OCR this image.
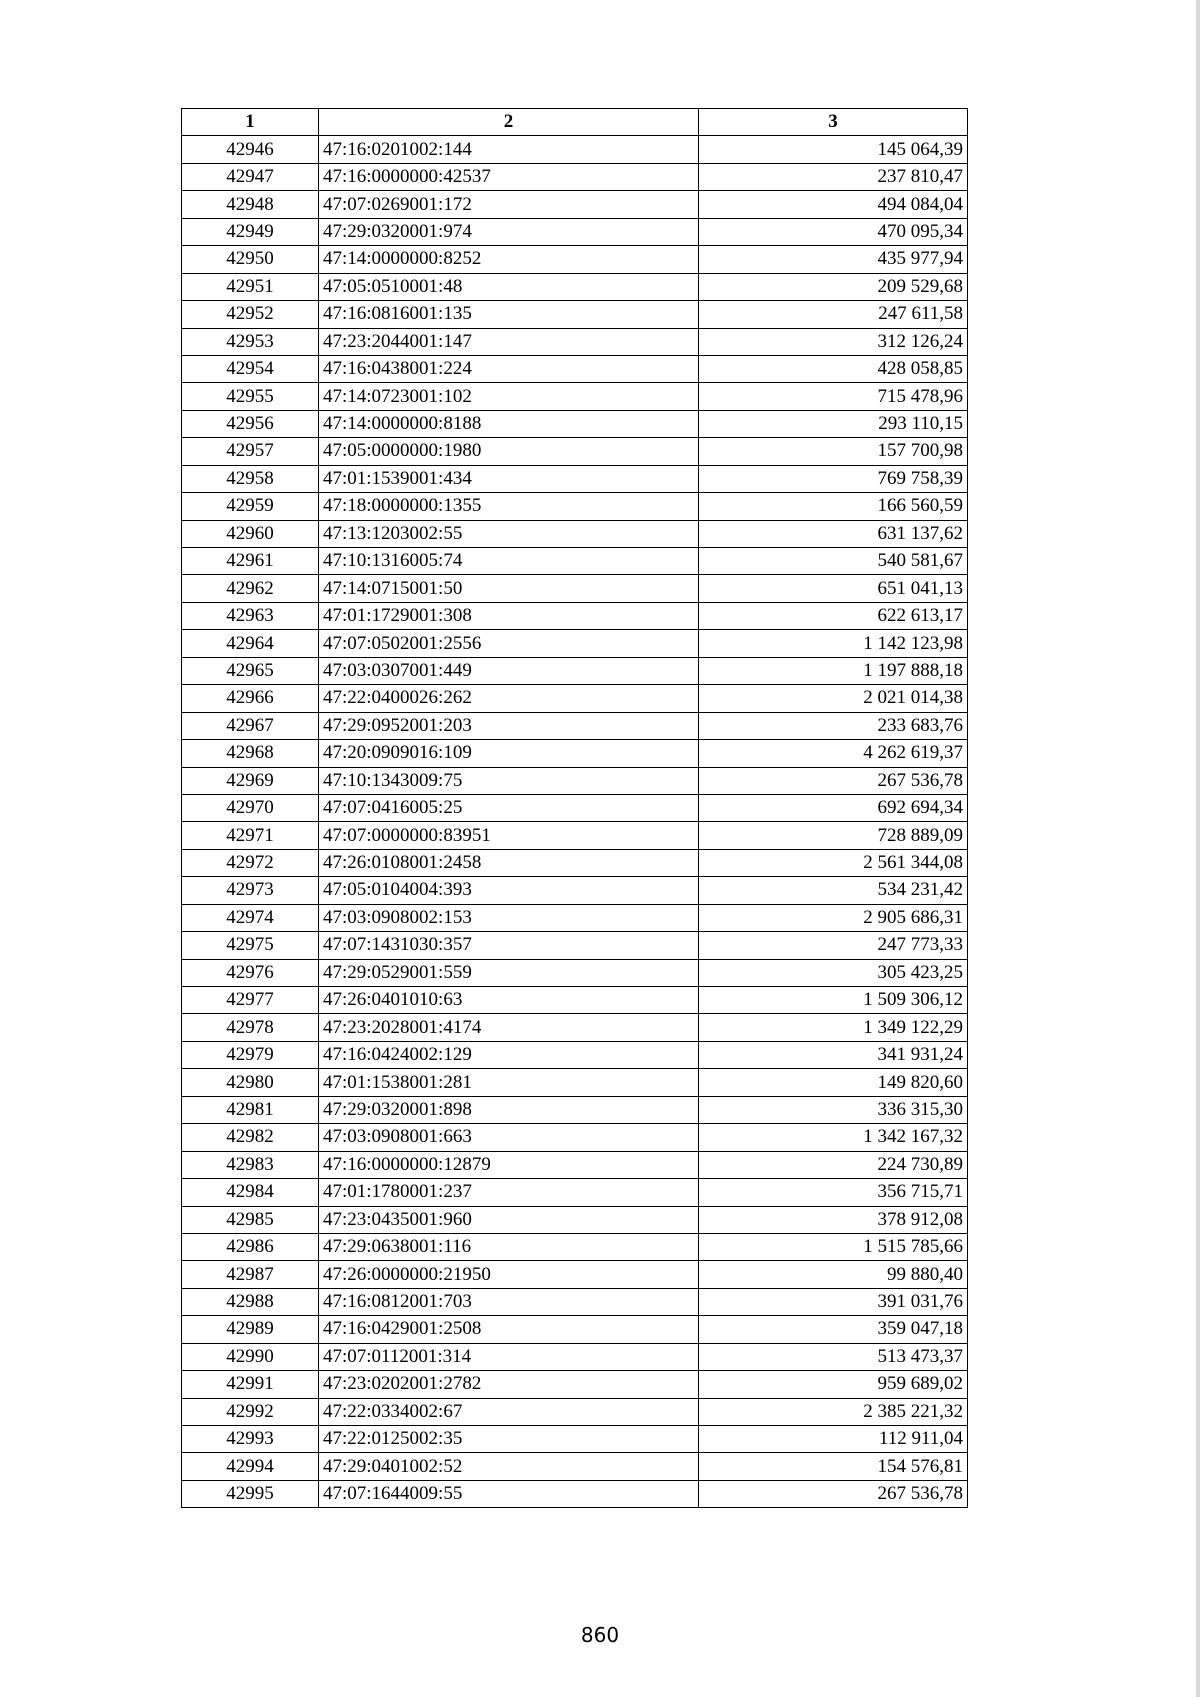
1	2	3
42946	47:16:0201002:144	145 064,39
42947	47:16:0000000:42537	237 810,47
42948	47:07:0269001:172	494 084,04
42949	47:29:0320001:974	470 095,34
42950	47:14:0000000:8252	435 977,94
42951	47:05:0510001:48	209 529,68
42952	47:16:0816001:135	247 611,58
42953	47:23:2044001:147	312 126,24
42954	47:16:0438001:224	428 058,85
42955	47:14:0723001:102	715 478,96
42956	47:14:0000000:8188	293 110,15
42957	47:05:0000000:1980	157 700,98
42958	47:01:1539001:434	769 758,39
42959	47:18:0000000:1355	166 560,59
42960	47:13:1203002:55	631 137,62
42961	47:10:1316005:74	540 581,67
42962	47:14:0715001:50	651 041,13
42963	47:01:1729001:308	622 613,17
42964	47:07:0502001:2556	1 142 123,98
42965	47:03:0307001:449	1 197 888,18
42966	47:22:0400026:262	2 021 014,38
42967	47:29:0952001:203	233 683,76
42968	47:20:0909016:109	4 262 619,37
42969	47:10:1343009:75	267 536,78
42970	47:07:0416005:25	692 694,34
42971	47:07:0000000:83951	728 889,09
42972	47:26:0108001:2458	2 561 344,08
42973	47:05:0104004:393	534 231,42
42974	47:03:0908002:153	2 905 686,31
42975	47:07:1431030:357	247 773,33
42976	47:29:0529001:559	305 423,25
42977	47:26:0401010:63	1 509 306,12
42978	47:23:2028001:4174	1 349 122,29
42979	47:16:0424002:129	341 931,24
42980	47:01:1538001:281	149 820,60
42981	47:29:0320001:898	336 315,30
42982	47:03:0908001:663	1 342 167,32
42983	47:16:0000000:12879	224 730,89
42984	47:01:1780001:237	356 715,71
42985	47:23:0435001:960	378 912,08
42986	47:29:0638001:116	1 515 785,66
42987	47:26:0000000:21950	99 880,40
42988	47:16:0812001:703	391 031,76
42989	47:16:0429001:2508	359 047,18
42990	47:07:0112001:314	513 473,37
42991	47:23:0202001:2782	959 689,02
42992	47:22:0334002:67	2 385 221,32
42993	47:22:0125002:35	112 911,04
42994	47:29:0401002:52	154 576,81
42995	47:07:1644009:55	267 536,78
860
